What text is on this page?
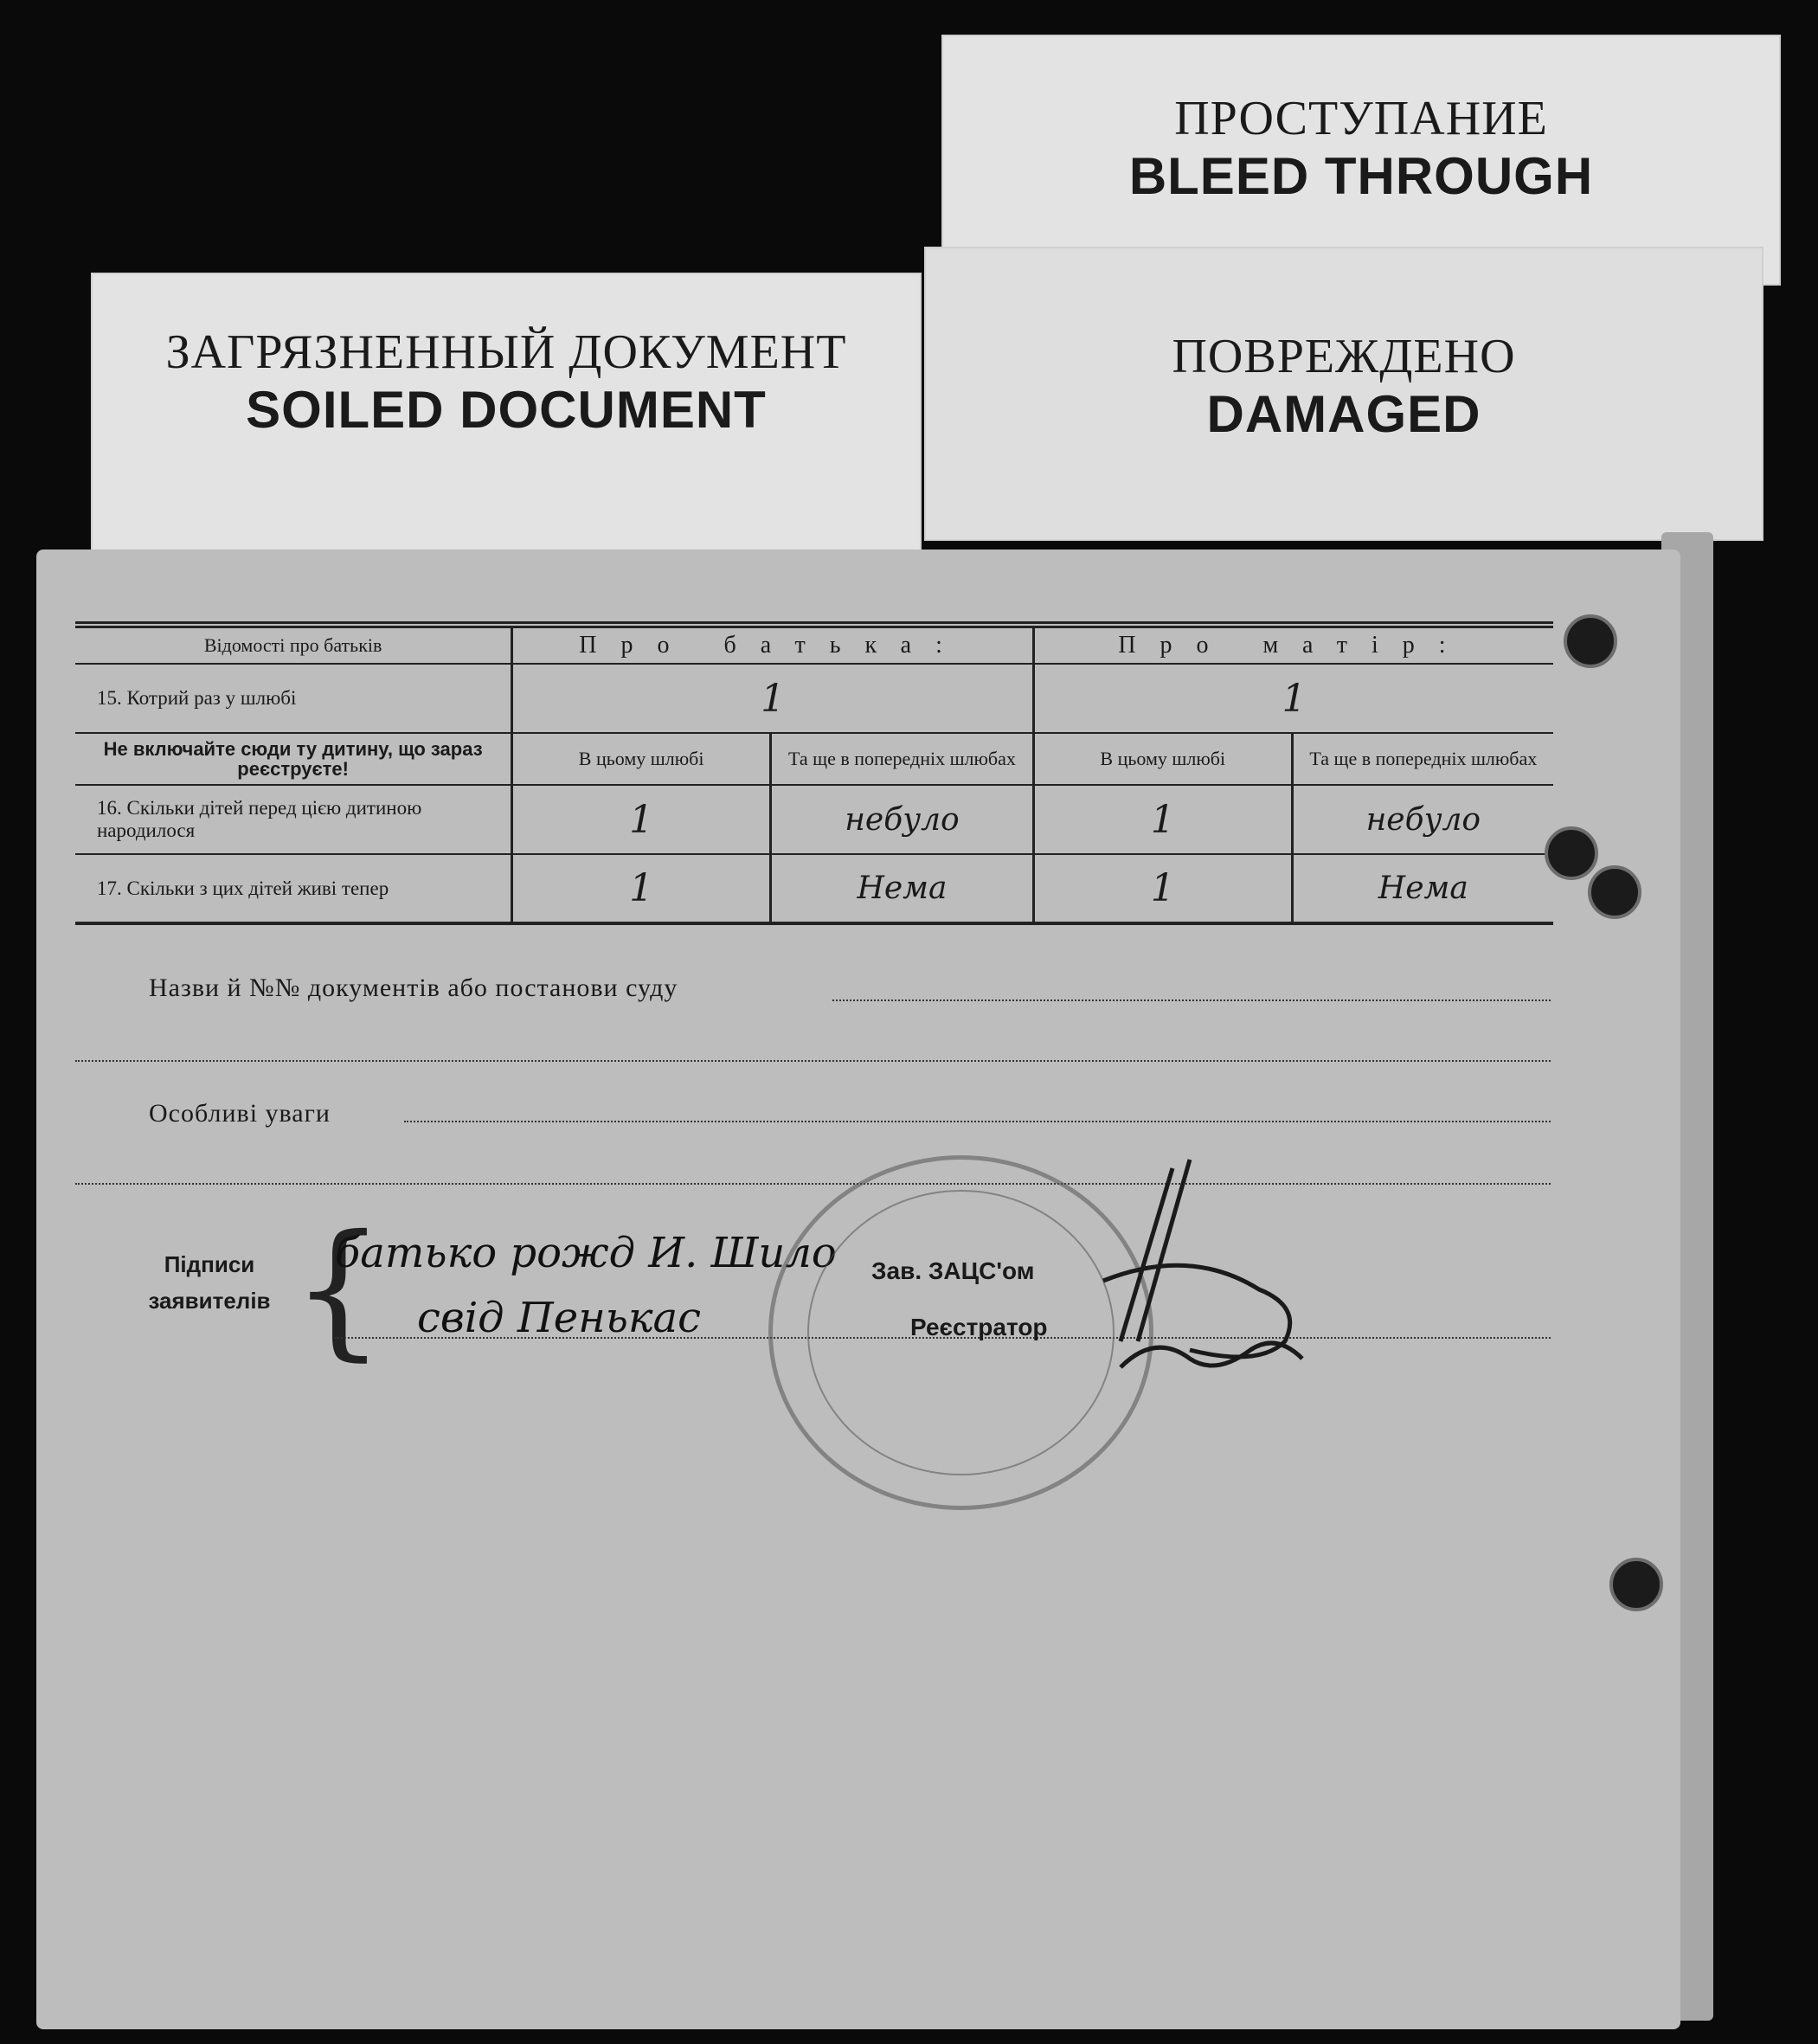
ПРОСТУПАНИЕ
BLEED THROUGH
ПОВРЕЖДЕНО
DAMAGED
ЗАГРЯЗНЕННЫЙ ДОКУМЕНТ
SOILED DOCUMENT
Відомості про батьків	Про батька:		Про матір:	
15. Котрий раз у шлюбі	1		1	
Не включайте сюди ту дитину, що зараз реєструєте!	В цьому шлюбі	Та ще в попередніх шлюбах	В цьому шлюбі	Та ще в попередніх шлюбах
16. Скільки дітей перед цією дитиною народилося	1	небуло	1	небуло
17. Скільки з цих дітей живі тепер	1	Нема	1	Нема
Назви й №№ документів або постанови суду
Особливі уваги
Підписи заявителів {
батько рожд И. Шило
свiд Пенькас
Зав. ЗАЦС'ом
Реєстратор
